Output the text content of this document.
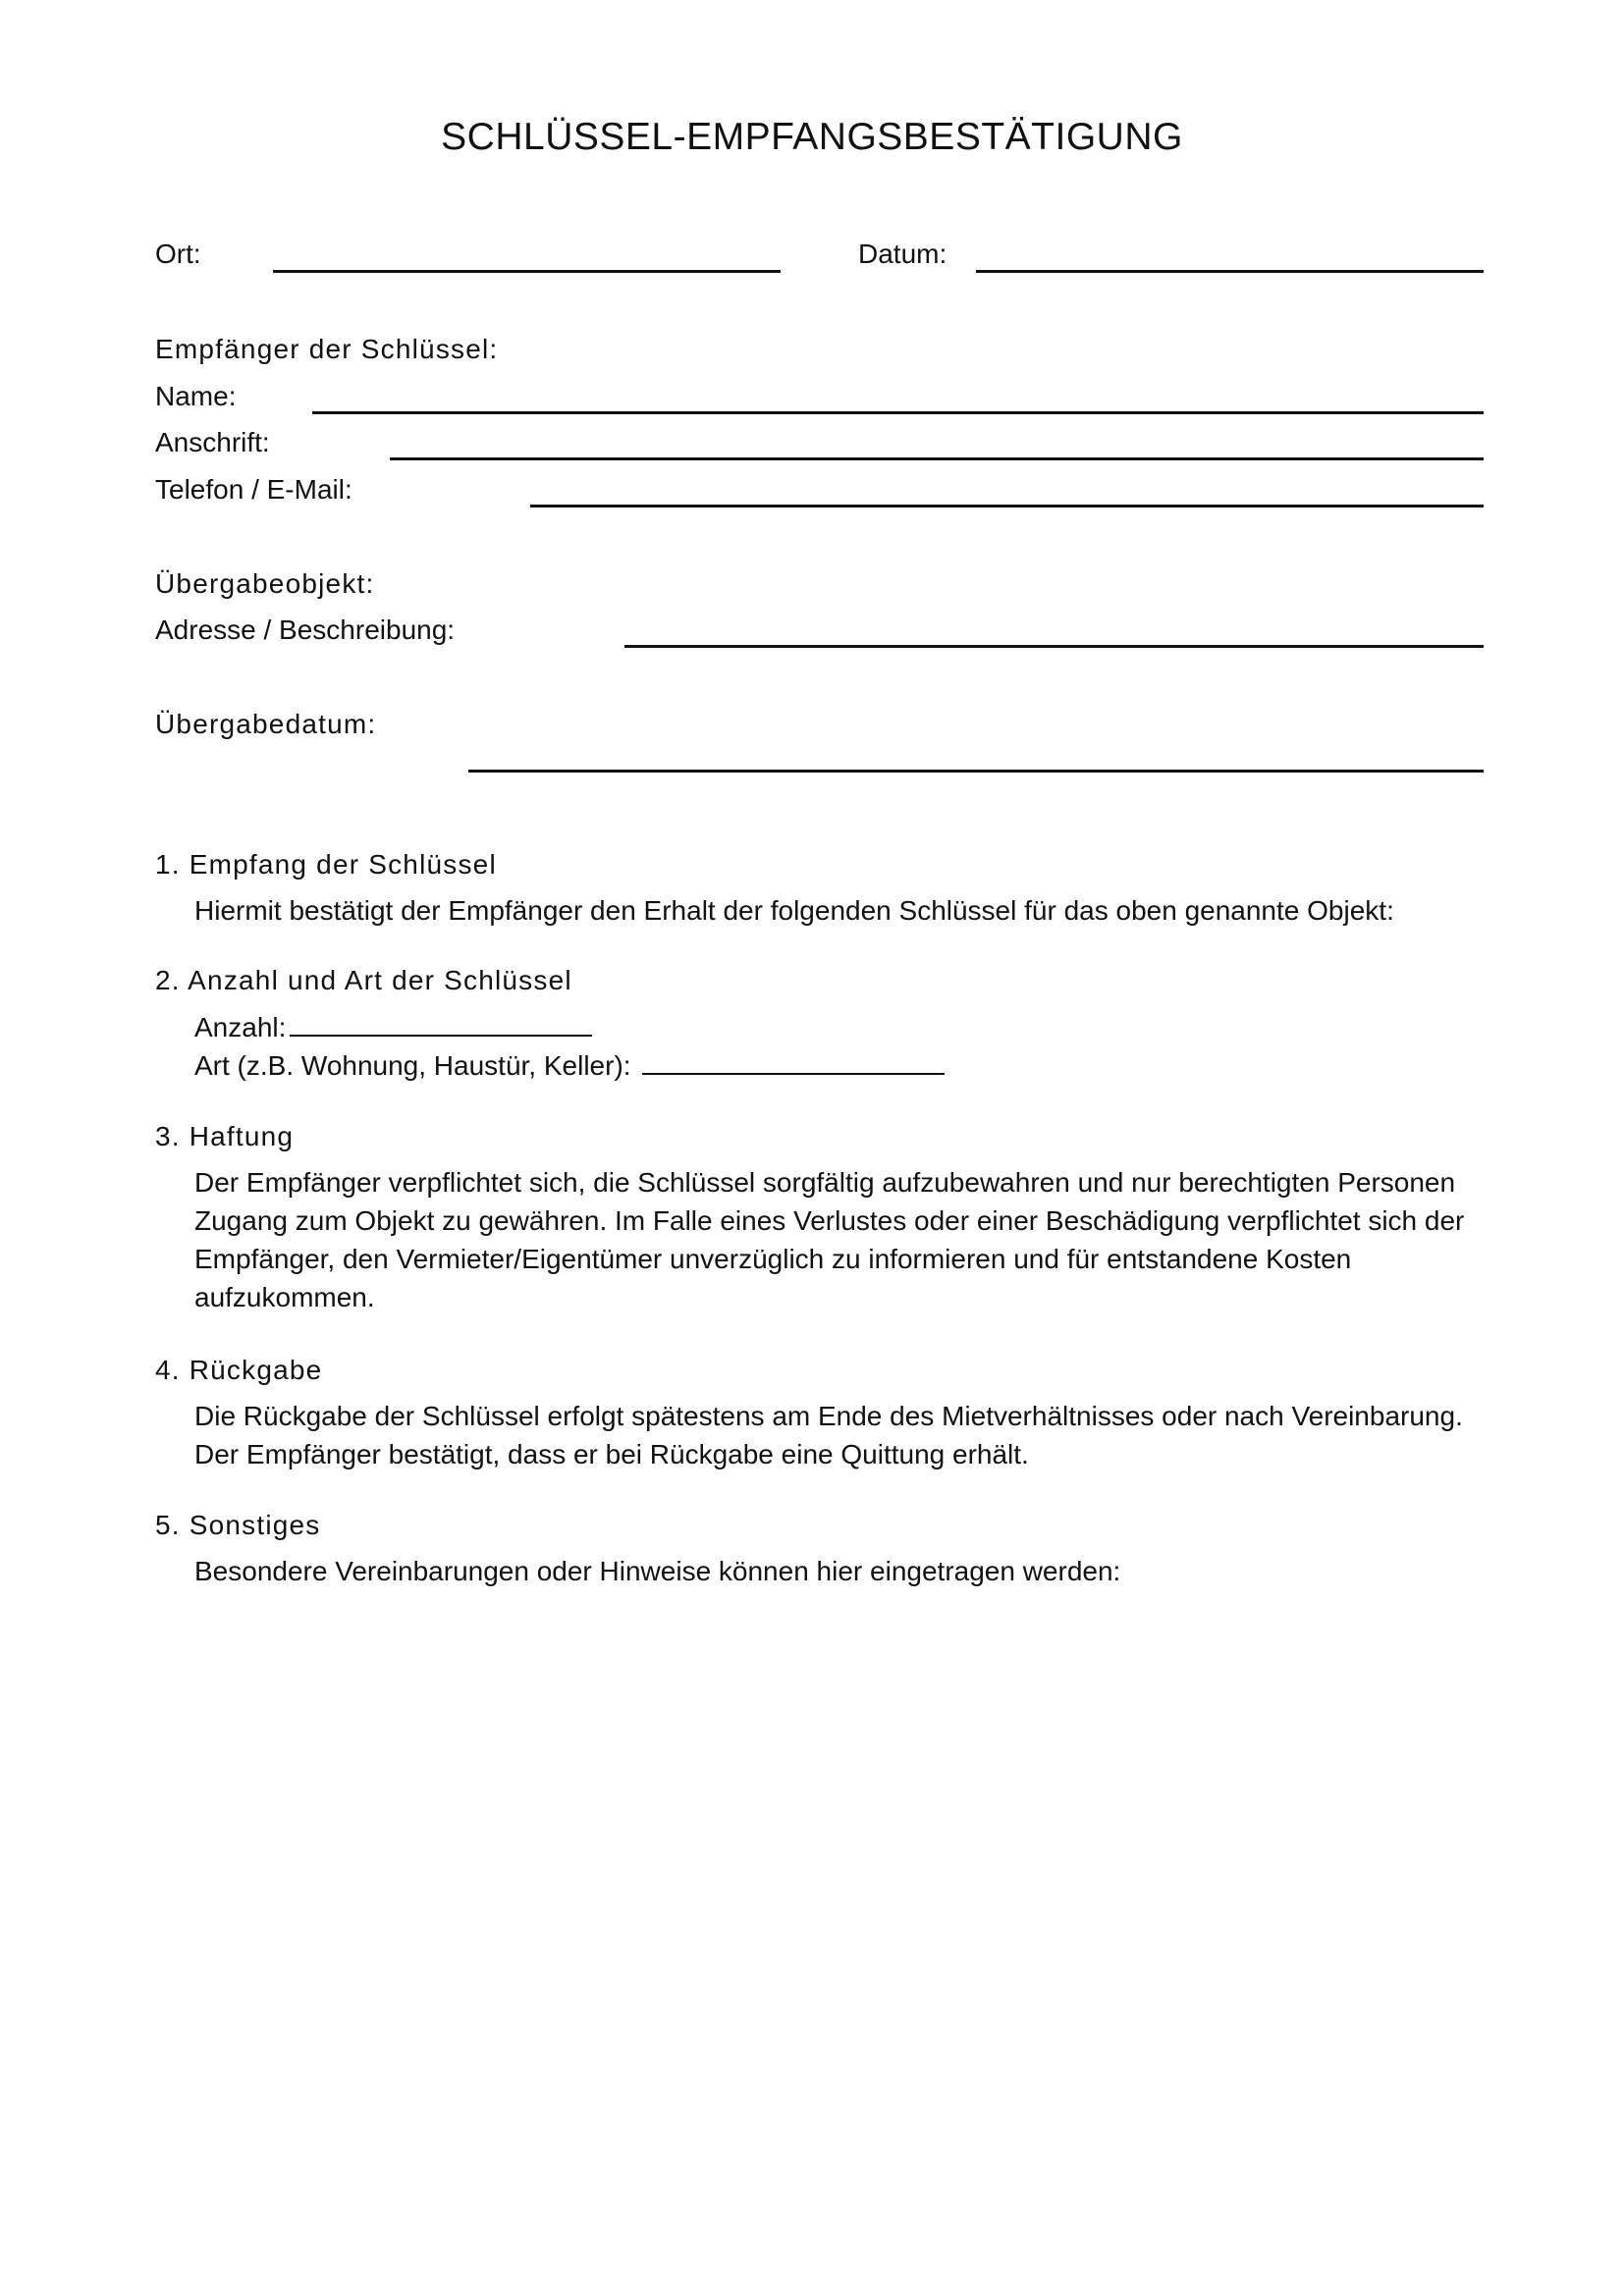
SCHLÜSSEL-EMPFANGSBESTÄTIGUNG
Ort:	Datum:
Empfänger der Schlüssel:
Name:
Anschrift:
Telefon / E-Mail:
Übergabeobjekt:
Adresse / Beschreibung:
Übergabedatum:
1. Empfang der Schlüssel
Hiermit bestätigt der Empfänger den Erhalt der folgenden Schlüssel für das oben genannte Objekt:
2. Anzahl und Art der Schlüssel
Anzahl:
Art (z.B. Wohnung, Haustür, Keller):
3. Haftung
Der Empfänger verpflichtet sich, die Schlüssel sorgfältig aufzubewahren und nur berechtigten Personen Zugang zum Objekt zu gewähren. Im Falle eines Verlustes oder einer Beschädigung verpflichtet sich der Empfänger, den Vermieter/Eigentümer unverzüglich zu informieren und für entstandene Kosten aufzukommen.
4. Rückgabe

Die Rückgabe der Schlüssel erfolgt spätestens am Ende des Mietverhältnisses oder nach Vereinbarung.

Der Empfänger bestätigt, dass er bei Rückgabe eine Quittung erhält.

5. Sonstiges
Besondere Vereinbarungen oder Hinweise können hier eingetragen werden:
